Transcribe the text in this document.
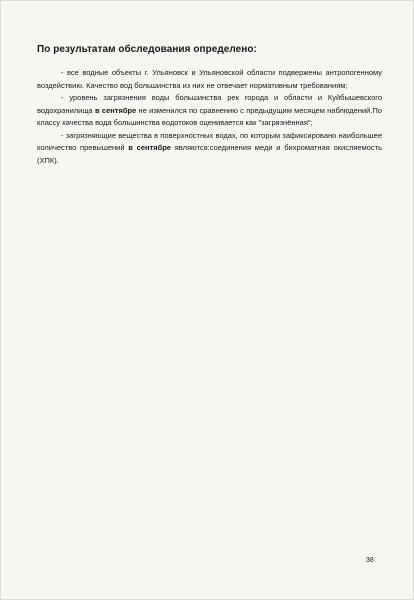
По результатам обследования определено:

- все водные объекты г. Ульяновск и Ульяновской области подвержены антропогенному воздействию. Качество вод большинства из них не отвечает нормативным требованиям;

- уровень загрязнения воды большинства рек города и области и Куйбышевского водохранилища в сентябре не изменился по сравнению с предыдущим месяцем наблюдений.По классу качества вода большинства водотоков оценивается как "загрязнённая";

- загрязняющие вещества в поверхностных водах, по которым зафиксировано наибольшее количество превышений в сентябре являются:соединения меди и бихроматная окисляемость (ХПК).

38
